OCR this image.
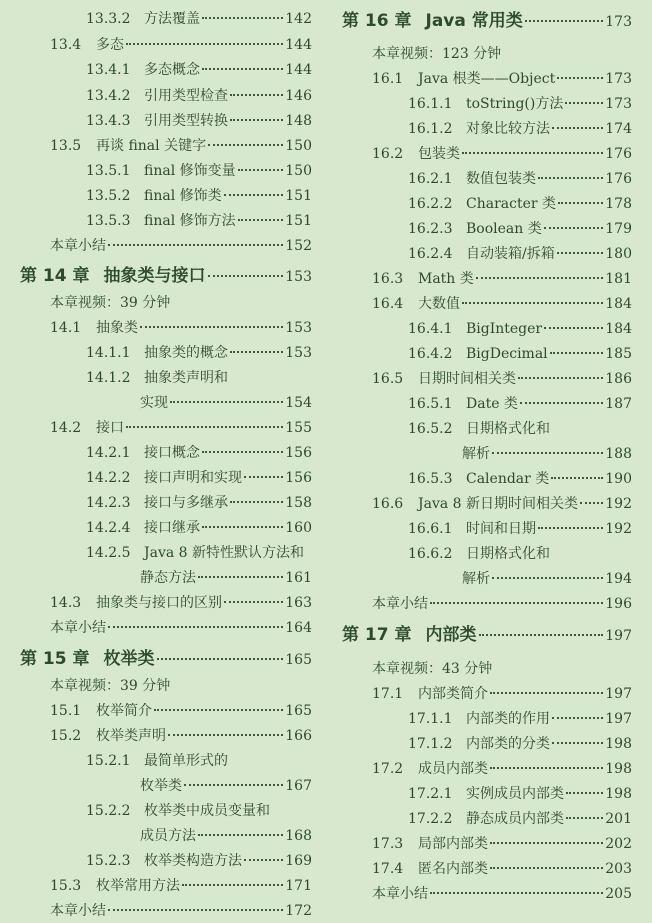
13.3.2 方法覆盖	142
13.4	多态	144
13.4.1 多态概念	144
13.4.2 引用类型检查	146
13.4.3 引用类型转换	148
13.5	再谈 final 关键字	150
13.5.1 final 修饰变量	150
13.5.2 final 修饰类	151
13.5.3 final 修饰方法	151
本章小结	152
第 14 章 抽象类与接口	153
本章视频：39 分钟
14.1	抽象类	153
14.1.1 抽象类的概念	153
14.1.2 抽象类声明和
实现	154
14.2	接口	155
14.2.1 接口概念	156
14.2.2 接口声明和实现	156
14.2.3 接口与多继承	158
14.2.4 接口继承	160
14.2.5 Java 8 新特性默认方法和
静态方法	161
14.3	抽象类与接口的区别	163
本章小结	164
第 15 章 枚举类	165
本章视频：39 分钟
15.1	枚举简介	165
15.2	枚举类声明	166
15.2.1 最简单形式的
枚举类	167
15.2.2 枚举类中成员变量和
成员方法	168
15.2.3 枚举类构造方法	169
15.3	枚举常用方法	171
本章小结	172
第 16 章 Java 常用类	173
本章视频：123 分钟
16.1	Java 根类——Object	173
16.1.1 toString()方法	173
16.1.2 对象比较方法	174
16.2	包装类	176
16.2.1 数值包装类	176
16.2.2 Character 类	178
16.2.3 Boolean 类	179
16.2.4 自动装箱/拆箱	180
16.3	Math 类	181
16.4	大数值	184
16.4.1 BigInteger	184
16.4.2 BigDecimal	185
16.5	日期时间相关类	186
16.5.1 Date 类	187
16.5.2 日期格式化和
解析	188
16.5.3 Calendar 类	190
16.6	Java 8 新日期时间相关类 192
16.6.1 时间和日期	192
16.6.2 日期格式化和
解析	194
本章小结	196
第 17 章 内部类	197
本章视频：43 分钟
17.1	内部类简介	197
17.1.1 内部类的作用	197
17.1.2 内部类的分类	198
17.2	成员内部类	198
17.2.1 实例成员内部类	198
17.2.2 静态成员内部类	201
17.3	局部内部类	202
17.4	匿名内部类	203
本章小结	205
